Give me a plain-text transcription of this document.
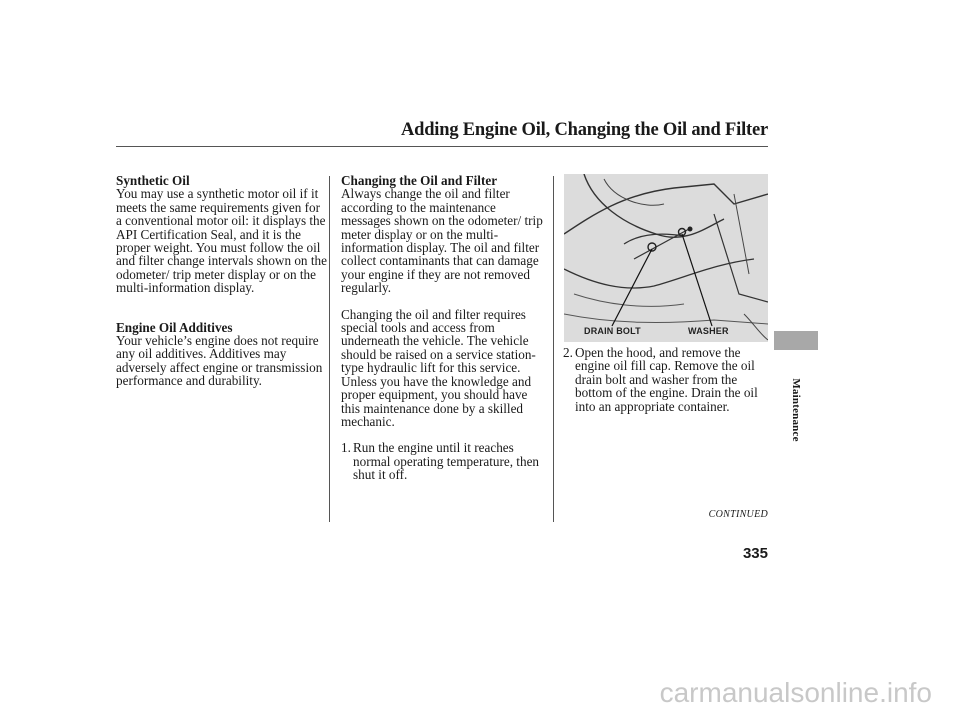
Adding Engine Oil, Changing the Oil and Filter
Synthetic Oil

You may use a synthetic motor oil if it meets the same requirements given for a conventional motor oil: it displays the API Certification Seal, and it is the proper weight. You must follow the oil and filter change intervals shown on the odometer/ trip meter display or on the multi-information display.

Engine Oil Additives

Your vehicle’s engine does not require any oil additives. Additives may adversely affect engine or transmission performance and durability.

Changing the Oil and Filter

Always change the oil and filter according to the maintenance messages shown on the odometer/ trip meter display or on the multi-information display. The oil and filter collect contaminants that can damage your engine if they are not removed regularly.

Changing the oil and filter requires special tools and access from underneath the vehicle. The vehicle should be raised on a service station-type hydraulic lift for this service. Unless you have the knowledge and proper equipment, you should have this maintenance done by a skilled mechanic.

1. Run the engine until it reaches normal operating temperature, then shut it off.
DRAIN BOLT	WASHER
2. Open the hood, and remove the engine oil fill cap. Remove the oil drain bolt and washer from the bottom of the engine. Drain the oil into an appropriate container.
CONTINUED
335
Maintenance
carmanualsonline.info
